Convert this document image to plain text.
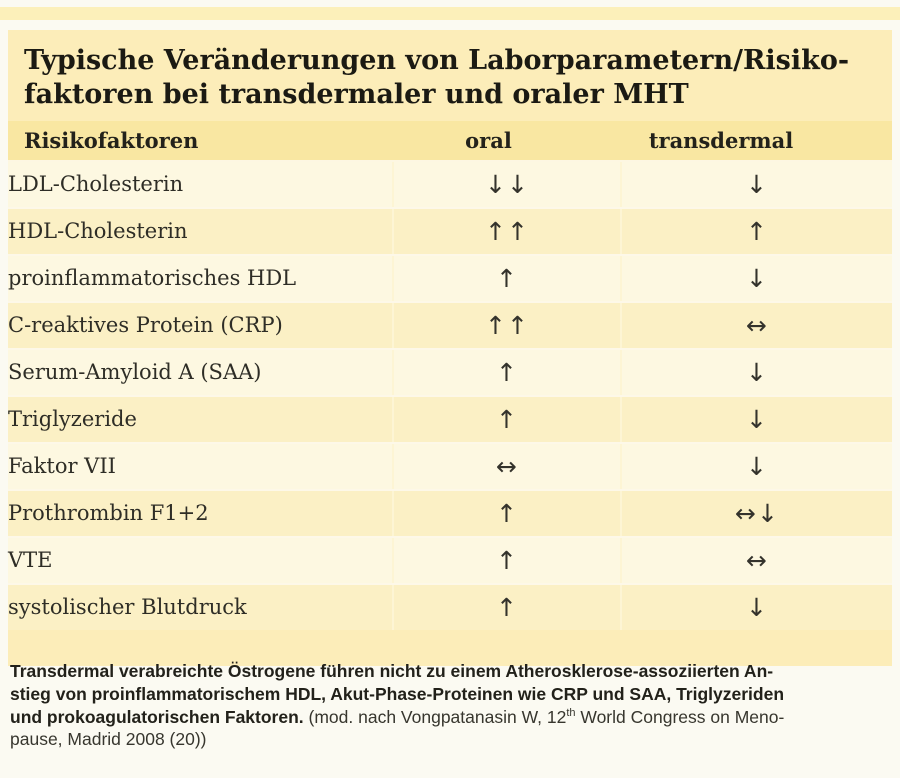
Typische Veränderungen von Laborparametern/Risiko-
faktoren bei transdermaler und oraler MHT
Risikofaktoren	oral	transdermal
LDL-Cholesterin	↓↓	↓
HDL-Cholesterin	↑↑	↑
proinflammatorisches HDL	↑	↓
C-reaktives Protein (CRP)	↑↑	↔
Serum-Amyloid A (SAA)	↑	↓
Triglyzeride	↑	↓
Faktor VII	↔	↓
Prothrombin F1+2	↑	↔↓
VTE	↑	↔
systolischer Blutdruck	↑	↓

Transdermal verabreichte Östrogene führen nicht zu einem Atherosklerose-assoziierten An-
stieg von proinflammatorischem HDL, Akut-Phase-Proteinen wie CRP und SAA, Triglyzeriden
und prokoagulatorischen Faktoren. (mod. nach Vongpatanasin W, 12th World Congress on Meno-
pause, Madrid 2008 (20))
